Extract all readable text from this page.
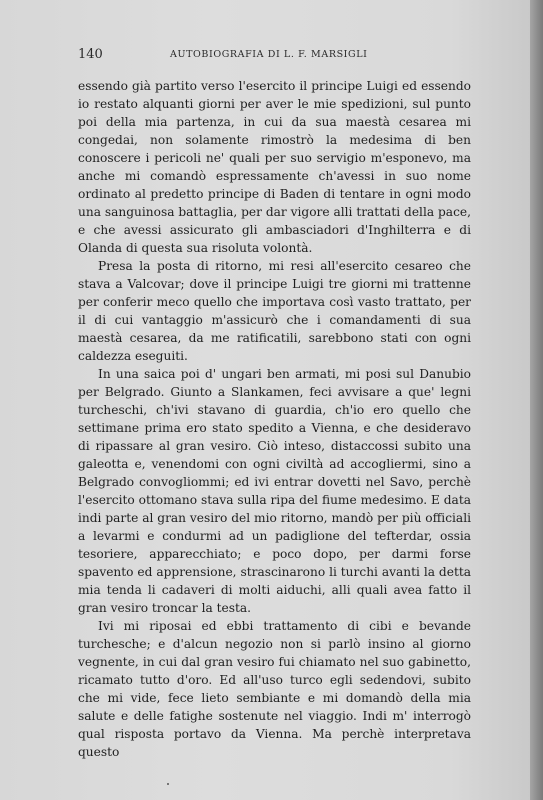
140	AUTOBIOGRAFIA DI L. F. MARSIGLI

essendo già partito verso l'esercito il principe Luigi ed essendo io restato alquanti giorni per aver le mie spedizioni, sul punto poi della mia partenza, in cui da sua maestà cesarea mi congedai, non solamente rimostrò la medesima di ben conoscere i pericoli ne' quali per suo servigio m'esponevo, ma anche mi comandò espressamente ch'avessi in suo nome ordinato al predetto principe di Baden di tentare in ogni modo una sanguinosa battaglia, per dar vigore alli trattati della pace, e che avessi assicurato gli ambasciadori d'Inghilterra e di Olanda di questa sua risoluta volontà.

Presa la posta di ritorno, mi resi all'esercito cesareo che stava a Valcovar; dove il principe Luigi tre giorni mi trattenne per conferir meco quello che importava così vasto trattato, per il di cui vantaggio m'assicurò che i comandamenti di sua maestà cesarea, da me ratificatili, sarebbono stati con ogni caldezza eseguiti.

In una saica poi d' ungari ben armati, mi posi sul Danubio per Belgrado. Giunto a Slankamen, feci avvisare a que' legni turcheschi, ch'ivi stavano di guardia, ch'io ero quello che settimane prima ero stato spedito a Vienna, e che desideravo di ripassare al gran vesiro. Ciò inteso, distaccossi subito una galeotta e, venendomi con ogni civiltà ad accogliermi, sino a Belgrado convogliommi; ed ivi entrar dovetti nel Savo, perchè l'esercito ottomano stava sulla ripa del fiume medesimo. E data indi parte al gran vesiro del mio ritorno, mandò per più officiali a levarmi e condurmi ad un padiglione del tefterdar, ossia tesoriere, apparecchiato; e poco dopo, per darmi forse spavento ed apprensione, strascinarono li turchi avanti la detta mia tenda li cadaveri di molti aiduchi, alli quali avea fatto il gran vesiro troncar la testa.

Ivi mi riposai ed ebbi trattamento di cibi e bevande turchesche; e d'alcun negozio non si parlò insino al giorno vegnente, in cui dal gran vesiro fui chiamato nel suo gabinetto, ricamato tutto d'oro. Ed all'uso turco egli sedendovi, subito che mi vide, fece lieto sembiante e mi domandò della mia salute e delle fatighe sostenute nel viaggio. Indi m' interrogò qual risposta portavo da Vienna. Ma perchè interpretava questo
